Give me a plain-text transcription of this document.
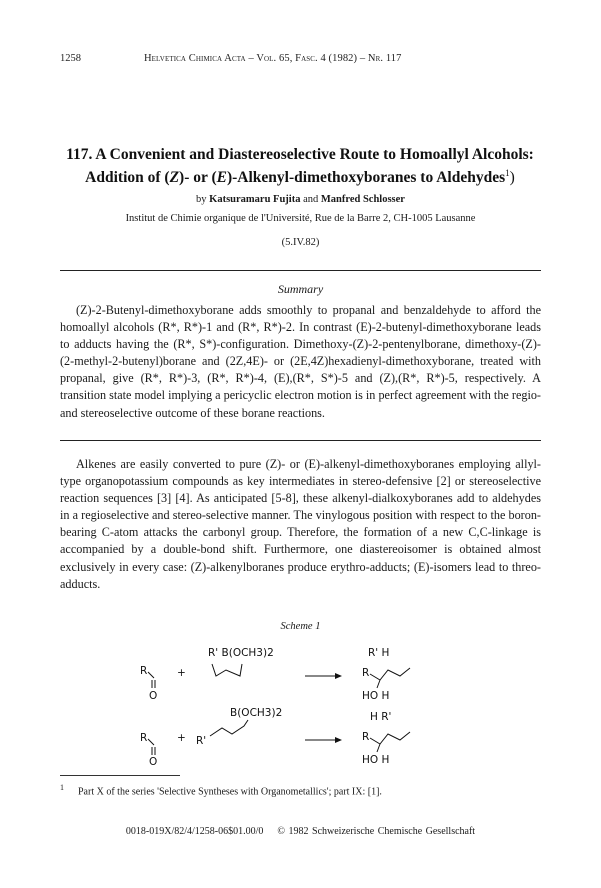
1258	Helvetica Chimica Acta – Vol. 65, Fasc. 4 (1982) – Nr. 117
117. A Convenient and Diastereoselective Route to Homoallyl Alcohols:
Addition of (Z)- or (E)-Alkenyl-dimethoxyboranes to Aldehydes$^1$)
by Katsuramaru Fujita and Manfred Schlosser
Institut de Chimie organique de l'Université, Rue de la Barre 2, CH-1005 Lausanne
(5.IV.82)
Summary
(Z)-2-Butenyl-dimethoxyborane adds smoothly to propanal and benzaldehyde to afford the homoallyl alcohols (R*, R*)-1 and (R*, R*)-2. In contrast (E)-2-butenyl-dimethoxyborane leads to adducts having the (R*, S*)-configuration. Dimethoxy-(Z)-2-pentenylborane, dimethoxy-(Z)-(2-methyl-2-butenyl)borane and (2Z,4E)- or (2E,4Z)hexadienyl-dimethoxyborane, treated with propanal, give (R*, R*)-3, (R*, R*)-4, (E),(R*, S*)-5 and (Z),(R*, R*)-5, respectively. A transition state model implying a pericyclic electron motion is in perfect agreement with the regio- and stereoselective outcome of these borane reactions.
Alkenes are easily converted to pure (Z)- or (E)-alkenyl-dimethoxyboranes employing allyl-type organopotassium compounds as key intermediates in stereo-defensive [2] or stereoselective reaction sequences [3] [4]. As anticipated [5-8], these alkenyl-dialkoxyboranes add to aldehydes in a regioselective and stereo-selective manner. The vinylogous position with respect to the boron-bearing C-atom attacks the carbonyl group. Therefore, the formation of a new C,C-linkage is accompanied by a double-bond shift. Furthermore, one diastereoisomer is obtained almost exclusively in every case: (Z)-alkenylboranes produce erythro-adducts; (E)-isomers lead to threo-adducts.
Scheme 1
R
O
+
R' B(OCH3)2	R' H
R
HO H
B(OCH3)2
R
O
+ R'
H R'
R
HO H
$^1$ Part X of the series 'Selective Syntheses with Organometallics'; part IX: [1].
0018-019X/82/4/1258-06$01.00/0 © 1982 Schweizerische Chemische Gesellschaft
